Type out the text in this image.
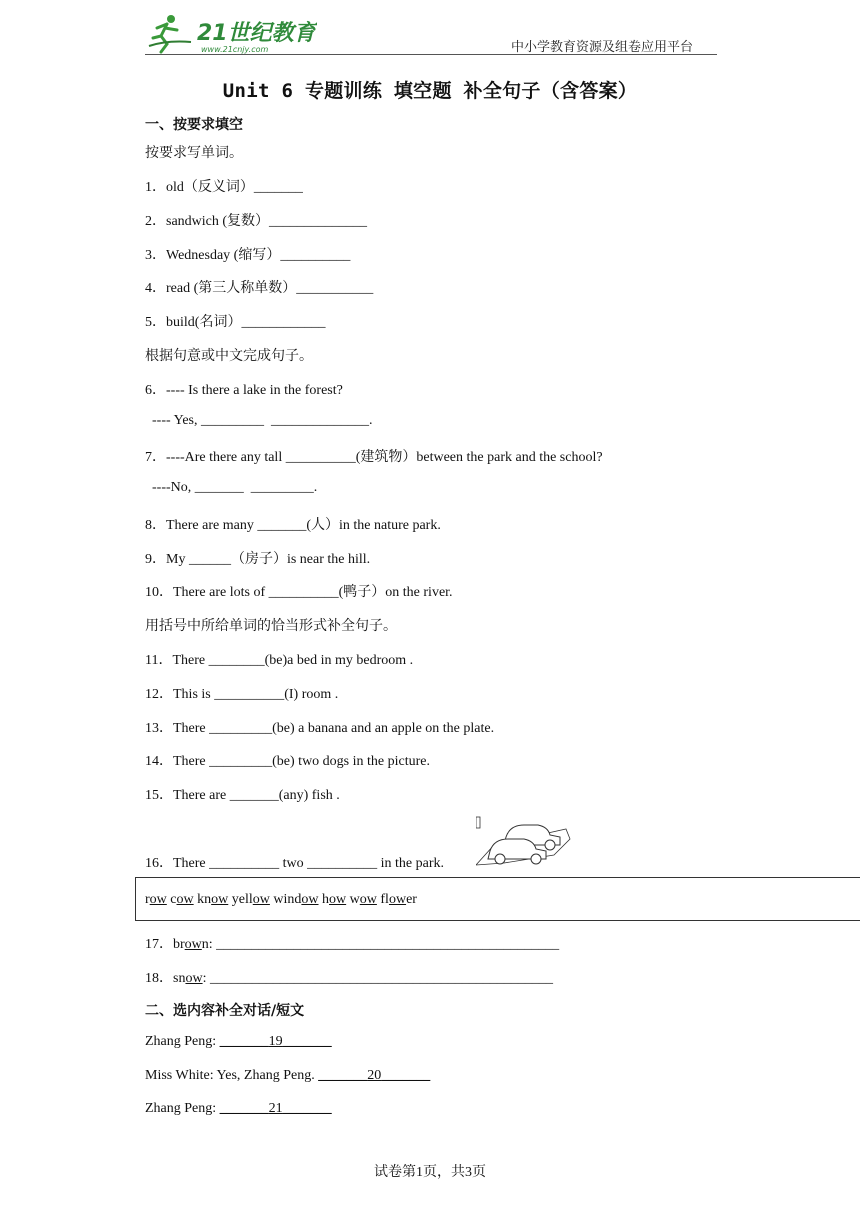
21世纪教育
www.21cnjy.com	中小学教育资源及组卷应用平台
Unit 6 专题训练 填空题 补全句子（含答案）
一、按要求填空
按要求写单词。
1．old（反义词）_______
2．sandwich (复数）______________
3．Wednesday (缩写）__________
4．read (第三人称单数）___________
5．build(名词）____________
根据句意或中文完成句子。
6．---- Is there a lake in the forest?
---- Yes, _________  ______________.
7．----Are there any tall __________(建筑物）between the park and the school?
----No, _______  _________.
8．There are many _______(人）in the nature park.
9．My ______（房子）is near the hill.
10．There are lots of __________(鸭子）on the river.
用括号中所给单词的恰当形式补全句子。
11．There ________(be)a bed in my bedroom .
12．This is __________(I) room .
13．There _________(be) a banana and an apple on the plate.
14．There _________(be) two dogs in the picture.
15．There are _______(any) fish .
16．There __________ two __________ in the park.
row cow know yellow window how wow flower
17．brown: _________________________________________________
18．snow: _________________________________________________
二、选内容补全对话/短文
Zhang Peng: _______19_______
Miss White: Yes, Zhang Peng. _______20_______
Zhang Peng: _______21_______
试卷第1页，共3页
